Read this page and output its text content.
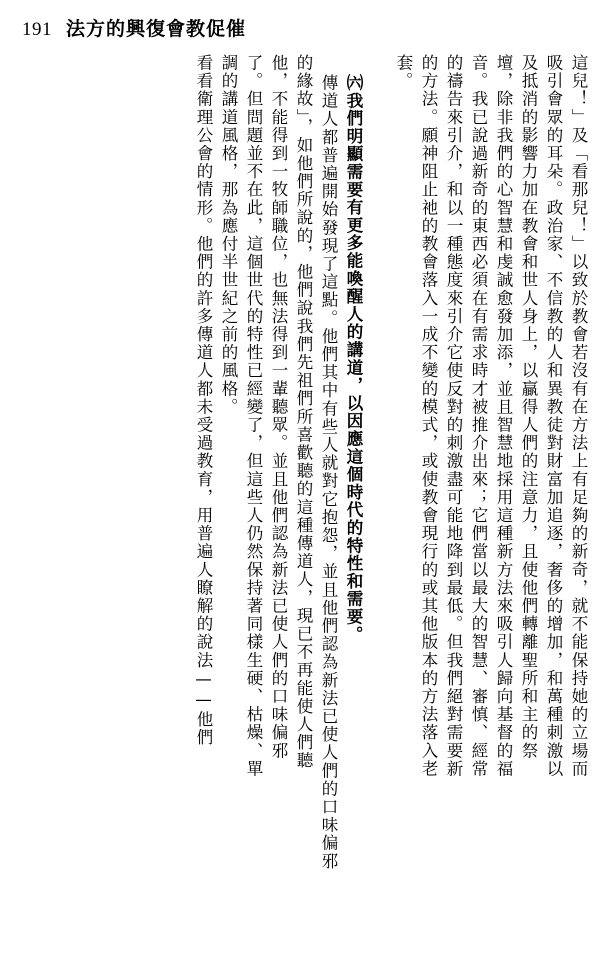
191 法方的興復會教促催
這兒！」及「看那兒！」以致於教會若沒有在方法上有足夠的新奇，就不能保持她的立場而
吸引會眾的耳朵。政治家、不信教的人和異教徒對財富加追逐，奢侈的增加，和萬種刺激以
及抵消的影響力加在教會和世人身上，以贏得人們的注意力，且使他們轉離聖所和主的祭
壇，除非我們的心智慧和虔誠愈發加添，並且智慧地採用這種新方法來吸引人歸向基督的福
音。我已說過新奇的東西必須在有需求時才被推介出來；它們當以最大的智慧、審慎、經常
的禱告來引介，和以一種態度來引介它使反對的刺激盡可能地降到最低。但我們絕對需要新
的方法。願神阻止祂的教會落入一成不變的模式，或使教會現行的或其他版本的方法落入老
套。
㈥我們明顯需要有更多能喚醒人的講道，以因應這個時代的特性和需要。
傳道人都普遍開始發現了這點。他們其中有些人就對它抱怨，並且他們認為新法已使人們的口味偏邪
的緣故」，如他們所說的，他們說我們先祖們所喜歡聽的這種傳道人，現已不再能使人們聽
他，不能得到一牧師職位，也無法得到一輩聽眾。並且他們認為新法已使人們的口味偏邪
了。但問題並不在此，這個世代的特性已經變了，但這些人仍然保持著同樣生硬、枯燥、單
調的講道風格，那為應付半世紀之前的風格。
看看衛理公會的情形。他們的許多傳道人都未受過教育，用普遍人瞭解的說法——他們
